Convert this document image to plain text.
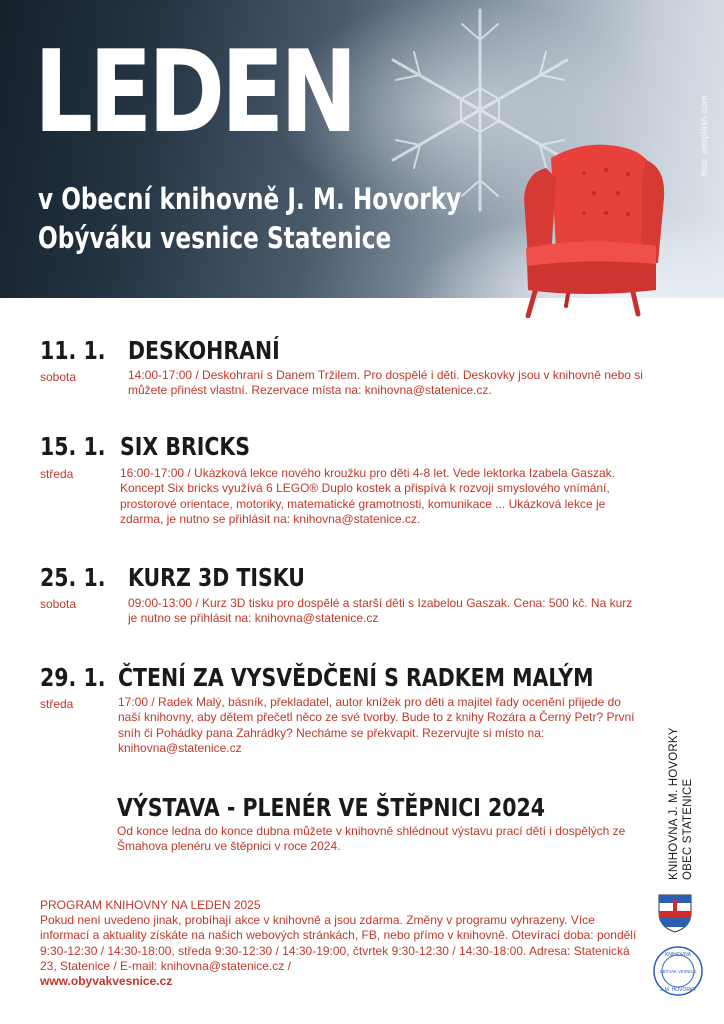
LEDEN
v Obecní knihovně J. M. Hovorky
Obýváku vesnice Statenice
foto: unsplash.com
11. 1.
sobota
DESKOHRANÍ

14:00-17:00 / Deskohraní s Danem Tržilem. Pro dospělé i děti. Deskovky jsou v knihovně nebo si můžete přinést vlastní. Rezervace místa na: knihovna@statenice.cz.

15. 1.
středa
SIX BRICKS

16:00-17:00 / Ukázková lekce nového kroužku pro děti 4-8 let. Vede lektorka Izabela Gaszak. Koncept Six bricks využívá 6 LEGO® Duplo kostek a přispívá k rozvoji smyslového vnímání, prostorové orientace, motoriky, matematické gramotnosti, komunikace ... Ukázková lekce je zdarma, je nutno se přihlásit na: knihovna@statenice.cz.

25. 1.
sobota
KURZ 3D TISKU

09:00-13:00 / Kurz 3D tisku pro dospělé a starší děti s Izabelou Gaszak. Cena: 500 kč. Na kurz je nutno se přihlásit na: knihovna@statenice.cz

29. 1.
středa
ČTENÍ ZA VYSVĚDČENÍ S RADKEM MALÝM

17:00 / Radek Malý, básník, překladatel, autor knížek pro děti a majitel řady ocenění přijede do naší knihovny, aby dětem přečetl něco ze své tvorby. Bude to z knihy Rozára a Černý Petr? První sníh či Pohádky pana Zahrádky? Necháme se překvapit. Rezervujte si místo na: knihovna@statenice.cz

VÝSTAVA - PLENÉR VE ŠTĚPNICI 2024

Od konce ledna do konce dubna můžete v knihovně shlédnout výstavu prací dětí i dospělých ze Šmahova plenéru ve štěpnici v roce 2024.

PROGRAM KNIHOVNY NA LEDEN 2025
Pokud není uvedeno jinak, probíhají akce v knihovně a jsou zdarma. Změny v programu vyhrazeny. Více informací a aktuality získáte na našich webových stránkách, FB, nebo přímo v knihovně. Otevírací doba: pondělí 9:30-12:30 / 14:30-18:00, středa 9:30-12:30 / 14:30-19:00, čtvrtek 9:30-12:30 / 14:30-18:00. Adresa: Statenická 23, Statenice / E-mail: knihovna@statenice.cz /
www.obyvakvesnice.cz
KNIHOVNA J. M. HOVORKY OBEC STATENICE
KNIHOVNA
OBÝVÁK VESNICE
J. M. HOVORKY
